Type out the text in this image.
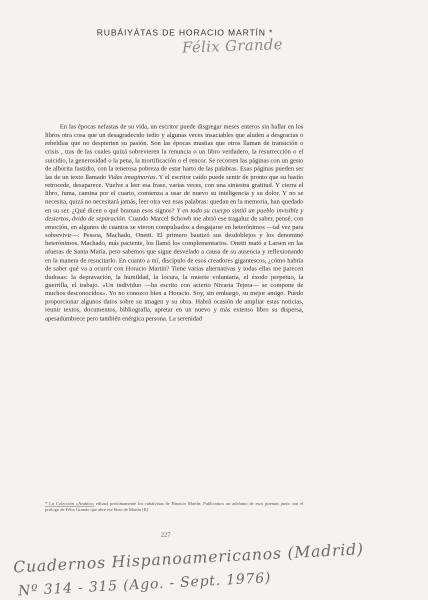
RUBÁIYÁTAS DE HORACIO MARTÍN *
Félix Grande

En las épocas nefastas de su vida, un escritor puede disgregar meses enteros sin hallar en los libros otra cosa que un desagradecido tedio y algunas veces insaciables que aluden a desgracias o rebeldías que no despierten su pasión. Son las épocas mustias que otros llaman de transición o crisis , tras de las cuales quizá sobrevieren la renuncia o un libro verdadero, la resurrección o el suicidio, la generosidad o la pena, la mortificación o el rencor. Se recorren las páginas con un gesto de alborita fastidio, con la tenerosa pobreza de estar harto de las palabras. Esas páginas pueden ser las de un texto llamado Vidas imaginarias. Y el escritor caído puede sentir de pronto que su hastío retrocede, desaparece. Vuelve a leer esa frase, varias veces, con una siniestra gratitud. Y cierra el libro, fuma, camina por el cuarto, comienza a usar de nuevo su inteligencia y su dolor. Y no se necesita, quizá no necesitará jamás, leer otra vez esas palabras: quedan en la memoria, han quedado en su ser. ¿Qué dicen o qué braman esos signos? Y en todo su cuerpo sintió un pueblo invisible y desiertos, ávido de separación. Cuando Marcel Schowb me abrió ese tragaluz de saber, pensé, con emoción, en algunos de cuantos se vieron compulsados a desgajarse en heterónimos —tal vez para sobrevivir—: Pessoa, Machado, Onetti. El primero bautizó sus desdoblejos y los denominó heterónimos. Machado, más paciente, los llamó los complementarios. Onetti mató a Larsen en las afueras de Santa María, pero sabemos que sigue desvelado a causa de su ausencia y reflexionando en la manera de resucitarlo. En cuanto a mí, discípulo de esos creadores gigantescos, ¿cómo habría de saber qué va a ocurrir con Horacio Martín? Tiene varias alternativas y todas ellas me parecen dudosas: la depravación, la humildad, la locura, la muerte voluntaria, el éxodo perpetuo, la guerrilla, el trabajo. «Un individuo —ha escrito con acierto Nivaria Tejera— se compone de muchos desconocidos». Yo no conozco bien a Horacio. Soy, sin embargo, su mejor amigo. Puedo proporcionar algunos datos sobre su imagen y su obra. Habrá ocasión de ampliar estas noticias, reunir textos, documentos, bibliografía, apretar en un nuevo y más extenso libro su dispersa, apesadumbrece pero también enérgica persona. La serenidad

* La Colección «Ambito» editará próximamente los rubáiyátas de Horacio Martín. Publicamos un adelanto de esos poemas junto con el prólogo de Félix Grande que abre ese libro de Martín [E].
227
Cuadernos Hispanoamericanos (Madrid)
Nº 314 - 315 (Ago. - Sept. 1976)
